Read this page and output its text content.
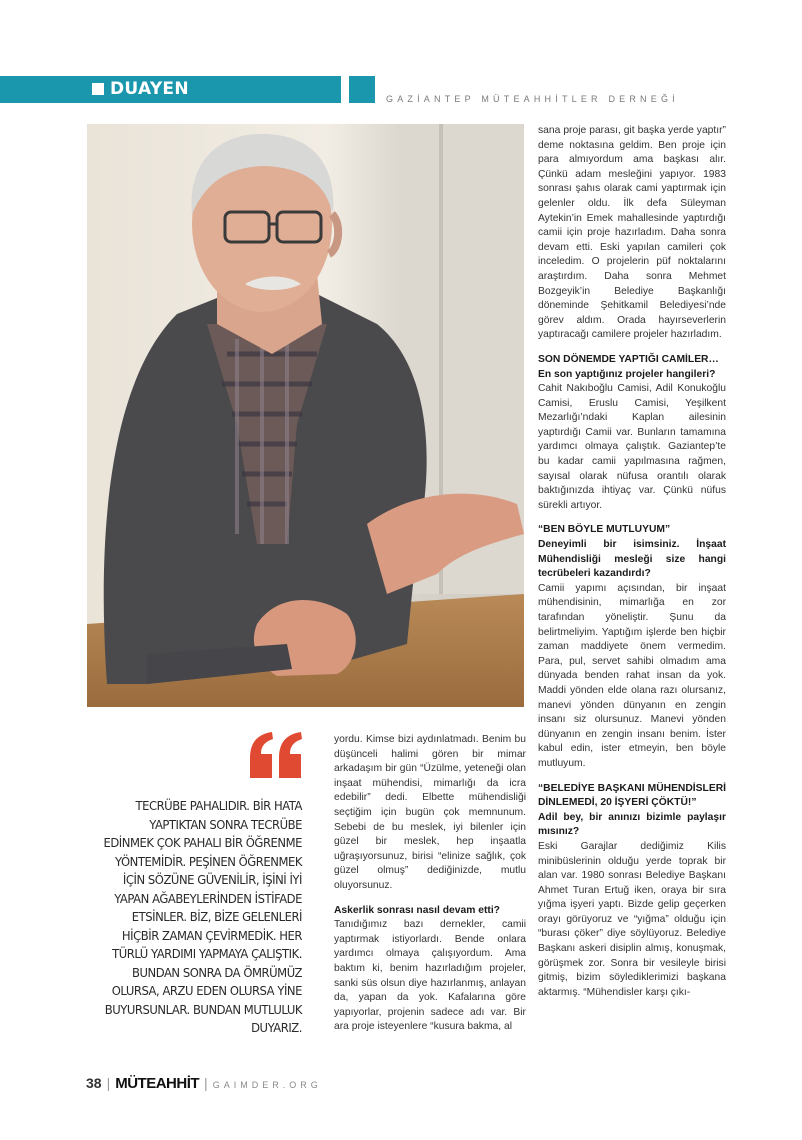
DUAYEN	GAZİANTEP MÜTEAHHİTLER DERNEĞİ
TECRÜBE PAHALIDIR. BİR HATA YAPTIKTAN SONRA TECRÜBE EDİNMEK ÇOK PAHALI BİR ÖĞRENME YÖNTEMİDİR. PEŞİNEN ÖĞRENMEK İÇİN SÖZÜNE GÜVENİLİR, İŞİNİ İYİ YAPAN AĞABEYLERİNDEN İSTİFADE ETSİNLER. BİZ, BİZE GELENLERİ HİÇBİR ZAMAN ÇEVİRMEDİK. HER TÜRLÜ YARDIMI YAPMAYA ÇALIŞTIK. BUNDAN SONRA DA ÖMRÜMÜZ OLURSA, ARZU EDEN OLURSA YİNE BUYURSUNLAR. BUNDAN MUTLULUK DUYARIZ.

yordu. Kimse bizi aydınlatmadı. Benim bu düşünceli halimi gören bir mimar arkadaşım bir gün “Üzülme, yeteneği olan inşaat mühendisi, mimarlığı da icra edebilir” dedi. Elbette mühendisliği seçtiğim için bugün çok memnunum. Sebebi de bu meslek, iyi bilenler için güzel bir meslek, hep inşaatla uğraşıyorsunuz, birisi “elinize sağlık, çok güzel olmuş” dediğinizde, mutlu oluyorsunuz.

Askerlik sonrası nasıl devam etti?

Tanıdığımız bazı dernekler, camii yaptırmak istiyorlardı. Bende onlara yardımcı olmaya çalışıyordum. Ama baktım ki, benim hazırladığım projeler, sanki süs olsun diye hazırlanmış, anlayan da, yapan da yok. Kafalarına göre yapıyorlar, projenin sadece adı var. Bir ara proje isteyenlere “kusura bakma, al

sana proje parası, git başka yerde yaptır” deme noktasına geldim. Ben proje için para almıyordum ama başkası alır. Çünkü adam mesleğini yapıyor. 1983 sonrası şahıs olarak cami yaptırmak için gelenler oldu. İlk defa Süleyman Aytekin’in Emek mahallesinde yaptırdığı camii için proje hazırladım. Daha sonra devam etti. Eski yapılan camileri çok inceledim. O projelerin püf noktalarını araştırdım. Daha sonra Mehmet Bozgeyik’in Belediye Başkanlığı döneminde Şehitkamil Belediyesi’nde görev aldım. Orada hayırseverlerin yaptıracağı camilere projeler hazırladım.

SON DÖNEMDE YAPTIĞI CAMİLER…

En son yaptığınız projeler hangileri?

Cahit Nakıboğlu Camisi, Adil Konukoğlu Camisi, Eruslu Camisi, Yeşilkent Mezarlığı’ndaki Kaplan ailesinin yaptırdığı Camii var. Bunların tamamına yardımcı olmaya çalıştık. Gaziantep’te bu kadar camii yapılmasına rağmen, sayısal olarak nüfusa orantılı olarak baktığınızda ihtiyaç var. Çünkü nüfus sürekli artıyor.

“BEN BÖYLE MUTLUYUM”

Deneyimli bir isimsiniz. İnşaat Mühendisliği mesleği size hangi tecrübeleri kazandırdı?

Camii yapımı açısından, bir inşaat mühendisinin, mimarlığa en zor tarafından yöneliştir. Şunu da belirtmeliyim. Yaptığım işlerde ben hiçbir zaman maddiyete önem vermedim. Para, pul, servet sahibi olmadım ama dünyada benden rahat insan da yok. Maddi yönden elde olana razı olursanız, manevi yönden dünyanın en zengin insanı siz olursunuz. Manevi yönden dünyanın en zengin insanı benim. İster kabul edin, ister etmeyin, ben böyle mutluyum.

“BELEDİYE BAŞKANI MÜHENDİSLERİ DİNLEMEDİ, 20 İŞYERİ ÇÖKTÜ!”

Adil bey, bir anınızı bizimle paylaşır mısınız?

Eski Garajlar dediğimiz Kilis minibüslerinin olduğu yerde toprak bir alan var. 1980 sonrası Belediye Başkanı Ahmet Turan Ertuğ iken, oraya bir sıra yığma işyeri yaptı. Bizde gelip geçerken orayı görüyoruz ve “yığma” olduğu için “burası çöker” diye söylüyoruz. Belediye Başkanı askeri disiplin almış, konuşmak, görüşmek zor. Sonra bir vesileyle birisi gitmiş, bizim söylediklerimizi başkana aktarmış. “Mühendisler karşı çıkı-

38 | MÜTEAHHİT | GAIMDER.ORG
